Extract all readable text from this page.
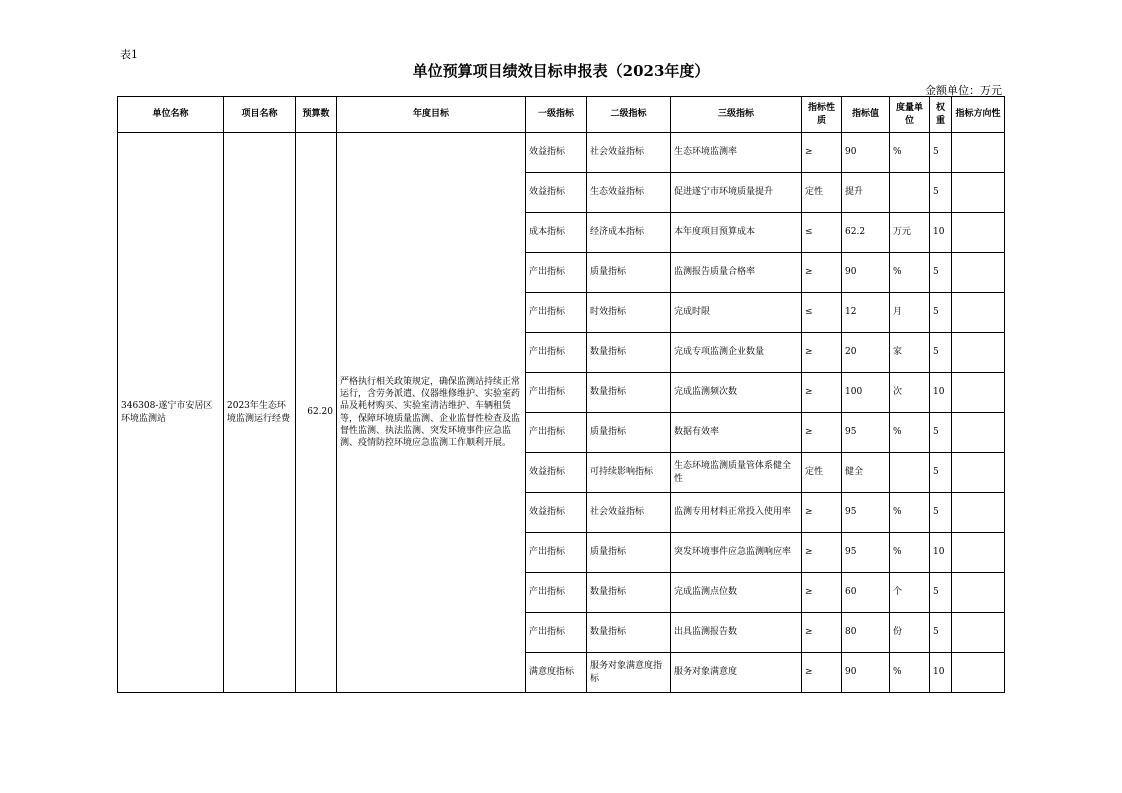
表1
单位预算项目绩效目标申报表（2023年度）
金额单位：万元
单位名称	项目名称	预算数	年度目标	一级指标	二级指标	三级指标	指标性质	指标值	度量单位	权重	指标方向性
346308-遂宁市安居区环境监测站	2023年生态环境监测运行经费	62.20	严格执行相关政策规定，确保监测站持续正常运行，含劳务派遣、仪器维修维护、实验室药品及耗材购买、实验室清洁维护、车辆租赁等，保障环境质量监测、企业监督性检查及监督性监测、执法监测、突发环境事件应急监测、疫情防控环境应急监测工作顺利开展。	效益指标	社会效益指标	生态环境监测率	≥	90	%	5	
				效益指标	生态效益指标	促进遂宁市环境质量提升	定性	提升		5	
				成本指标	经济成本指标	本年度项目预算成本	≤	62.2	万元	10	
				产出指标	质量指标	监测报告质量合格率	≥	90	%	5	
				产出指标	时效指标	完成时限	≤	12	月	5	
				产出指标	数量指标	完成专项监测企业数量	≥	20	家	5	
				产出指标	数量指标	完成监测频次数	≥	100	次	10	
				产出指标	质量指标	数据有效率	≥	95	%	5	
				效益指标	可持续影响指标	生态环境监测质量管体系健全性	定性	健全		5	
				效益指标	社会效益指标	监测专用材料正常投入使用率	≥	95	%	5	
				产出指标	质量指标	突发环境事件应急监测响应率	≥	95	%	10	
				产出指标	数量指标	完成监测点位数	≥	60	个	5	
				产出指标	数量指标	出具监测报告数	≥	80	份	5	
				满意度指标	服务对象满意度指标	服务对象满意度	≥	90	%	10	
